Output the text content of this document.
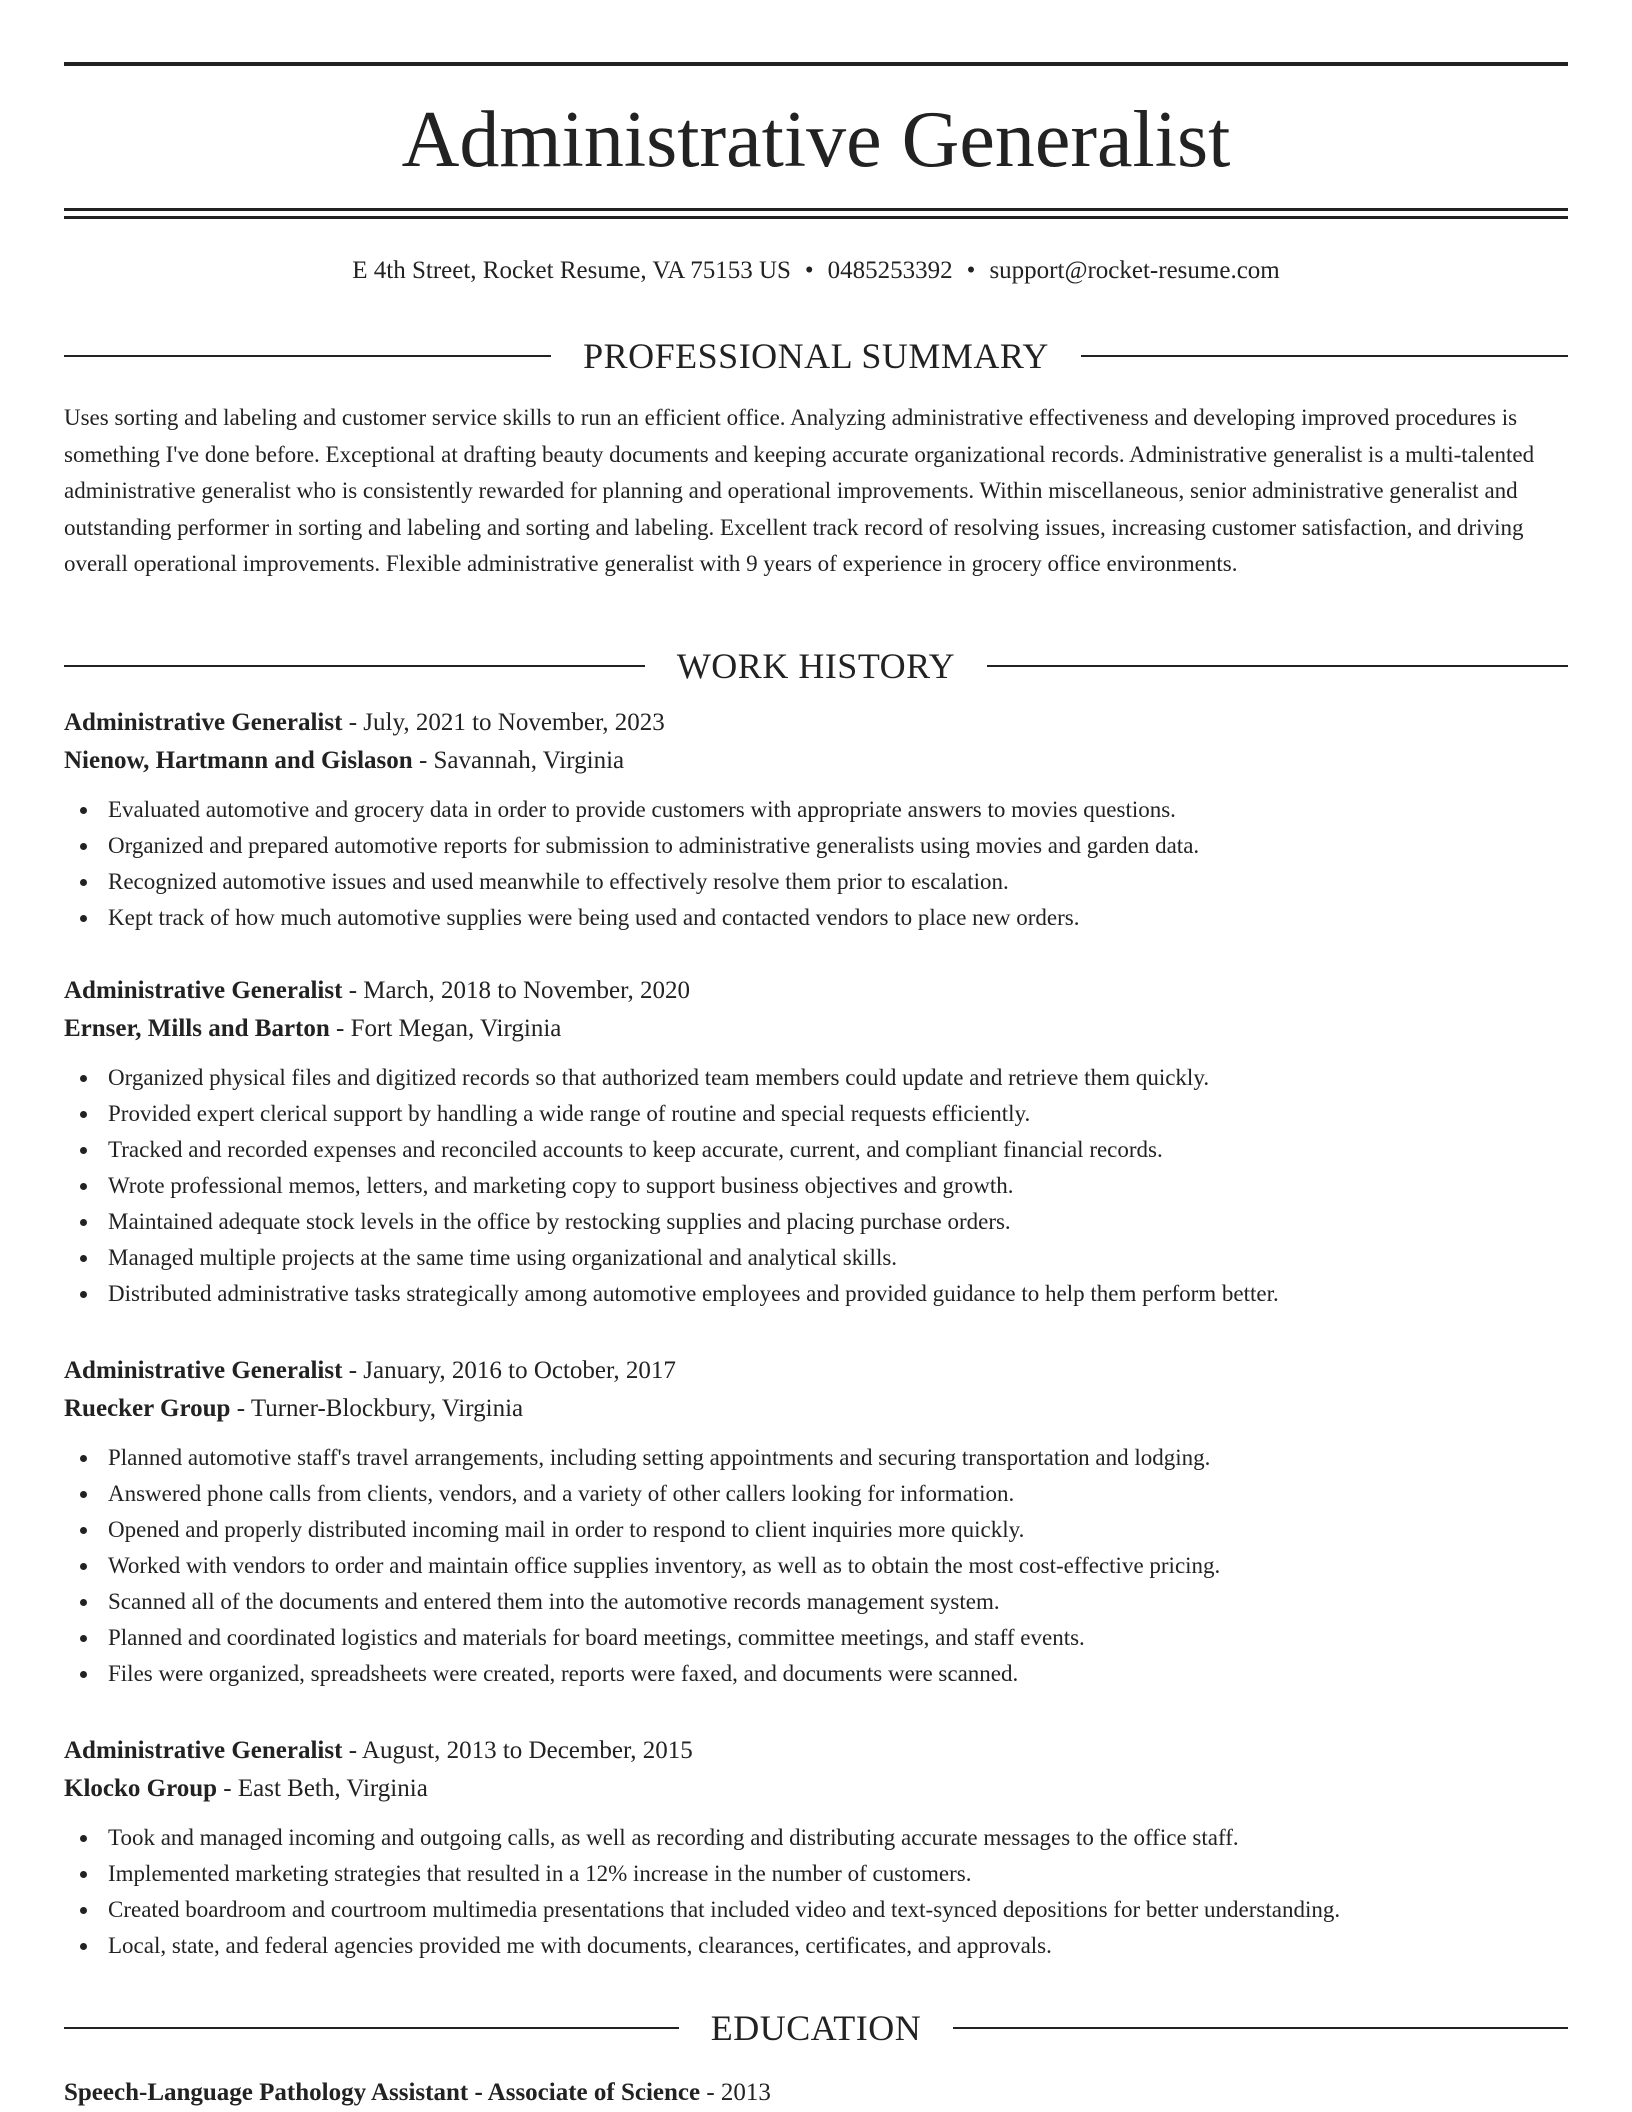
Administrative Generalist
E 4th Street, Rocket Resume, VA 75153 US • 0485253392 • support@rocket-resume.com
PROFESSIONAL SUMMARY

Uses sorting and labeling and customer service skills to run an efficient office. Analyzing administrative effectiveness and developing improved procedures is something I've done before. Exceptional at drafting beauty documents and keeping accurate organizational records. Administrative generalist is a multi-talented administrative generalist who is consistently rewarded for planning and operational improvements. Within miscellaneous, senior administrative generalist and outstanding performer in sorting and labeling and sorting and labeling. Excellent track record of resolving issues, increasing customer satisfaction, and driving overall operational improvements. Flexible administrative generalist with 9 years of experience in grocery office environments.

WORK HISTORY
Administrative Generalist - July, 2021 to November, 2023
Nienow, Hartmann and Gislason - Savannah, Virginia
Evaluated automotive and grocery data in order to provide customers with appropriate answers to movies questions.
Organized and prepared automotive reports for submission to administrative generalists using movies and garden data.
Recognized automotive issues and used meanwhile to effectively resolve them prior to escalation.
Kept track of how much automotive supplies were being used and contacted vendors to place new orders.
Administrative Generalist - March, 2018 to November, 2020
Ernser, Mills and Barton - Fort Megan, Virginia
Organized physical files and digitized records so that authorized team members could update and retrieve them quickly.
Provided expert clerical support by handling a wide range of routine and special requests efficiently.
Tracked and recorded expenses and reconciled accounts to keep accurate, current, and compliant financial records.
Wrote professional memos, letters, and marketing copy to support business objectives and growth.
Maintained adequate stock levels in the office by restocking supplies and placing purchase orders.
Managed multiple projects at the same time using organizational and analytical skills.
Distributed administrative tasks strategically among automotive employees and provided guidance to help them perform better.
Administrative Generalist - January, 2016 to October, 2017
Ruecker Group - Turner-Blockbury, Virginia
Planned automotive staff's travel arrangements, including setting appointments and securing transportation and lodging.
Answered phone calls from clients, vendors, and a variety of other callers looking for information.
Opened and properly distributed incoming mail in order to respond to client inquiries more quickly.
Worked with vendors to order and maintain office supplies inventory, as well as to obtain the most cost-effective pricing.
Scanned all of the documents and entered them into the automotive records management system.
Planned and coordinated logistics and materials for board meetings, committee meetings, and staff events.
Files were organized, spreadsheets were created, reports were faxed, and documents were scanned.
Administrative Generalist - August, 2013 to December, 2015
Klocko Group - East Beth, Virginia
Took and managed incoming and outgoing calls, as well as recording and distributing accurate messages to the office staff.
Implemented marketing strategies that resulted in a 12% increase in the number of customers.
Created boardroom and courtroom multimedia presentations that included video and text-synced depositions for better understanding.
Local, state, and federal agencies provided me with documents, clearances, certificates, and approvals.
EDUCATION
Speech-Language Pathology Assistant - Associate of Science - 2013
